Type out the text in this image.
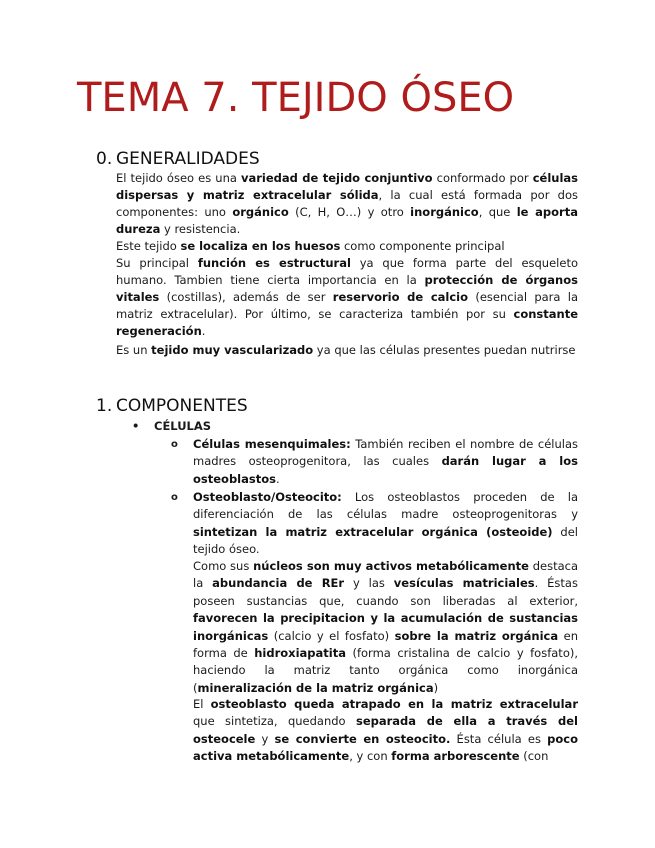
TEMA 7. TEJIDO ÓSEO
0. GENERALIDADES

El tejido óseo es una variedad de tejido conjuntivo conformado por células dispersas y matriz extracelular sólida, la cual está formada por dos componentes: uno orgánico (C, H, O…) y otro inorgánico, que le aporta dureza y resistencia.

Este tejido se localiza en los huesos como componente principal

Su principal función es estructural ya que forma parte del esqueleto humano. Tambien tiene cierta importancia en la protección de órganos vitales (costillas), además de ser reservorio de calcio (esencial para la matriz extracelular). Por último, se caracteriza también por su constante regeneración.

Es un tejido muy vascularizado ya que las células presentes puedan nutrirse

1. COMPONENTES
• CÉLULAS
o Células mesenquimales: También reciben el nombre de células madres osteoprogenitora, las cuales darán lugar a los osteoblastos.

o Osteoblasto/Osteocito: Los osteoblastos proceden de la diferenciación de las células madre osteoprogenitoras y sintetizan la matriz extracelular orgánica (osteoide) del tejido óseo.

Como sus núcleos son muy activos metabólicamente destaca la abundancia de REr y las vesículas matriciales. Éstas poseen sustancias que, cuando son liberadas al exterior, favorecen la precipitacion y la acumulación de sustancias inorgánicas (calcio y el fosfato) sobre la matriz orgánica en forma de hidroxiapatita (forma cristalina de calcio y fosfato), haciendo la matriz tanto orgánica como inorgánica (mineralización de la matriz orgánica)

El osteoblasto queda atrapado en la matriz extracelular que sintetiza, quedando separada de ella a través del osteocele y se convierte en osteocito. Ésta célula es poco activa metabólicamente, y con forma arborescente (con
